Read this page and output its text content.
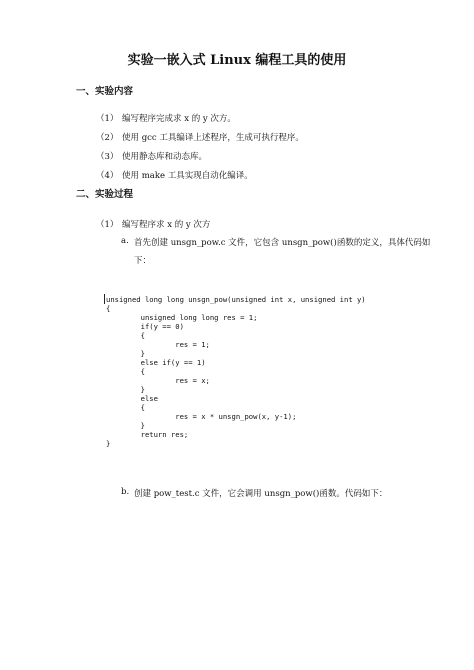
实验一嵌入式 Linux 编程工具的使用
一、实验内容
（1） 编写程序完成求 x 的 y 次方。
（2） 使用 gcc 工具编译上述程序，生成可执行程序。
（3） 使用静态库和动态库。
（4） 使用 make 工具实现自动化编译。
二、实验过程
（1） 编写程序求 x 的 y 次方
a. 首先创建 unsgn_pow.c 文件，它包含 unsgn_pow()函数的定义，具体代码如
下：
unsigned long long unsgn_pow(unsigned int x, unsigned int y)
{
unsigned long long res = 1;
if(y == 0)
{
res = 1;
}
else if(y == 1)
{
res = x;
}
else
{
res = x * unsgn_pow(x, y-1);
}
return res;
}
b. 创建 pow_test.c 文件，它会调用 unsgn_pow()函数。代码如下：
